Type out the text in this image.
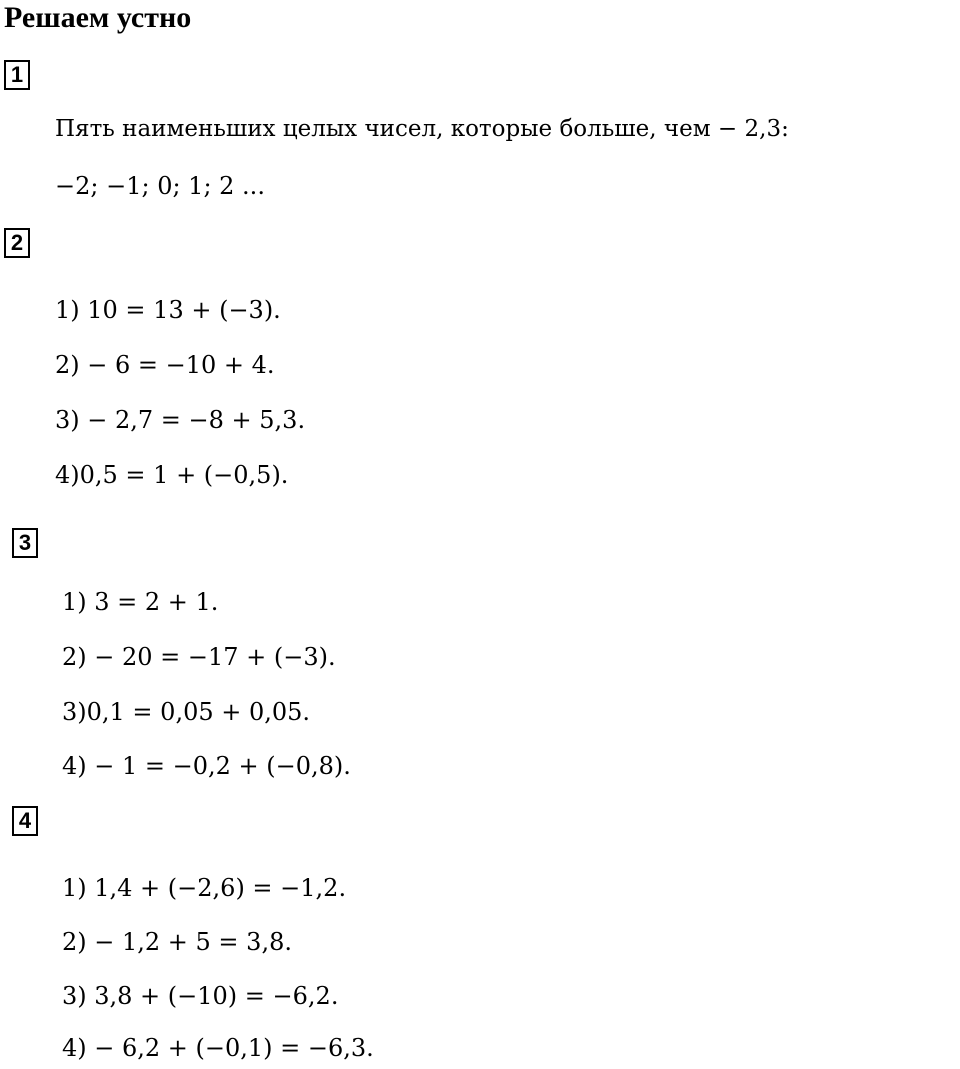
Решаем устно
1
Пять наименьших целых чисел, которые больше, чем − 2,3:
−2; −1; 0; 1; 2 ...
2
1) 10 = 13 + (−3).
2) − 6 = −10 + 4.
3) − 2,7 = −8 + 5,3.
4)0,5 = 1 + (−0,5).
3
1) 3 = 2 + 1.
2) − 20 = −17 + (−3).
3)0,1 = 0,05 + 0,05.
4) − 1 = −0,2 + (−0,8).
4
1) 1,4 + (−2,6) = −1,2.
2) − 1,2 + 5 = 3,8.
3) 3,8 + (−10) = −6,2.
4) − 6,2 + (−0,1) = −6,3.
